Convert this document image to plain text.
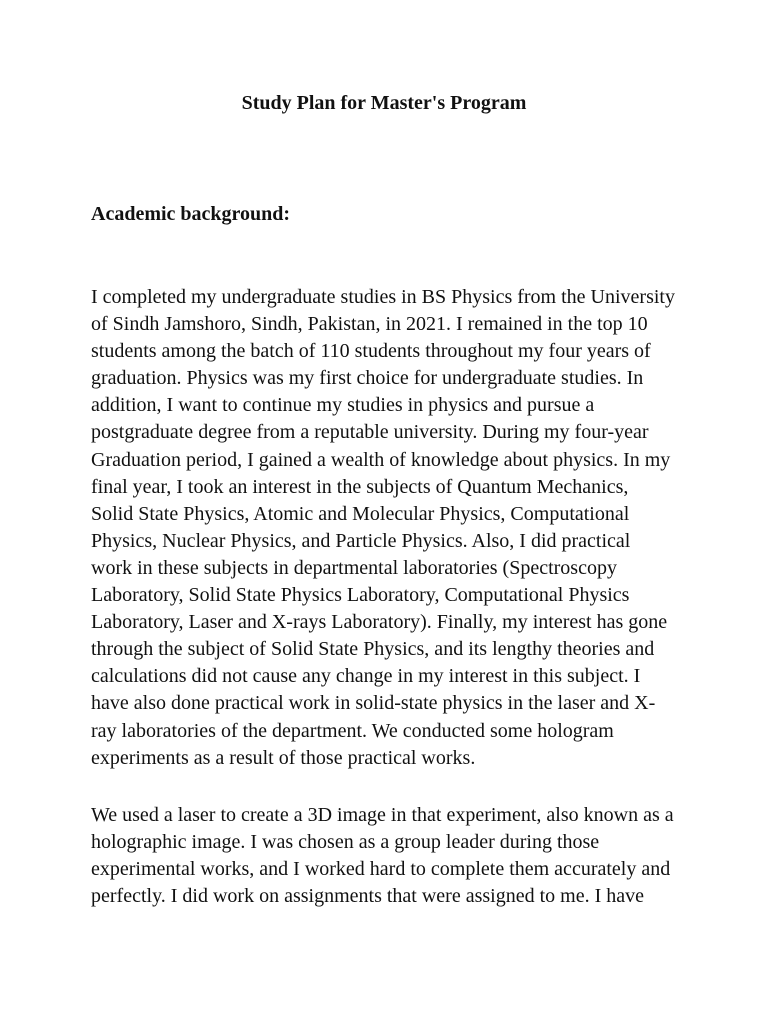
Study Plan for Master's Program
Academic background:
I completed my undergraduate studies in BS Physics from the University
of Sindh Jamshoro, Sindh, Pakistan, in 2021. I remained in the top 10
students among the batch of 110 students throughout my four years of
graduation. Physics was my first choice for undergraduate studies. In
addition, I want to continue my studies in physics and pursue a
postgraduate degree from a reputable university. During my four-year
Graduation period, I gained a wealth of knowledge about physics. In my
final year, I took an interest in the subjects of Quantum Mechanics,
Solid State Physics, Atomic and Molecular Physics, Computational
Physics, Nuclear Physics, and Particle Physics. Also, I did practical
work in these subjects in departmental laboratories (Spectroscopy
Laboratory, Solid State Physics Laboratory, Computational Physics
Laboratory, Laser and X-rays Laboratory). Finally, my interest has gone
through the subject of Solid State Physics, and its lengthy theories and
calculations did not cause any change in my interest in this subject. I
have also done practical work in solid-state physics in the laser and X-
ray laboratories of the department. We conducted some hologram
experiments as a result of those practical works.
We used a laser to create a 3D image in that experiment, also known as a
holographic image. I was chosen as a group leader during those
experimental works, and I worked hard to complete them accurately and
perfectly. I did work on assignments that were assigned to me. I have
